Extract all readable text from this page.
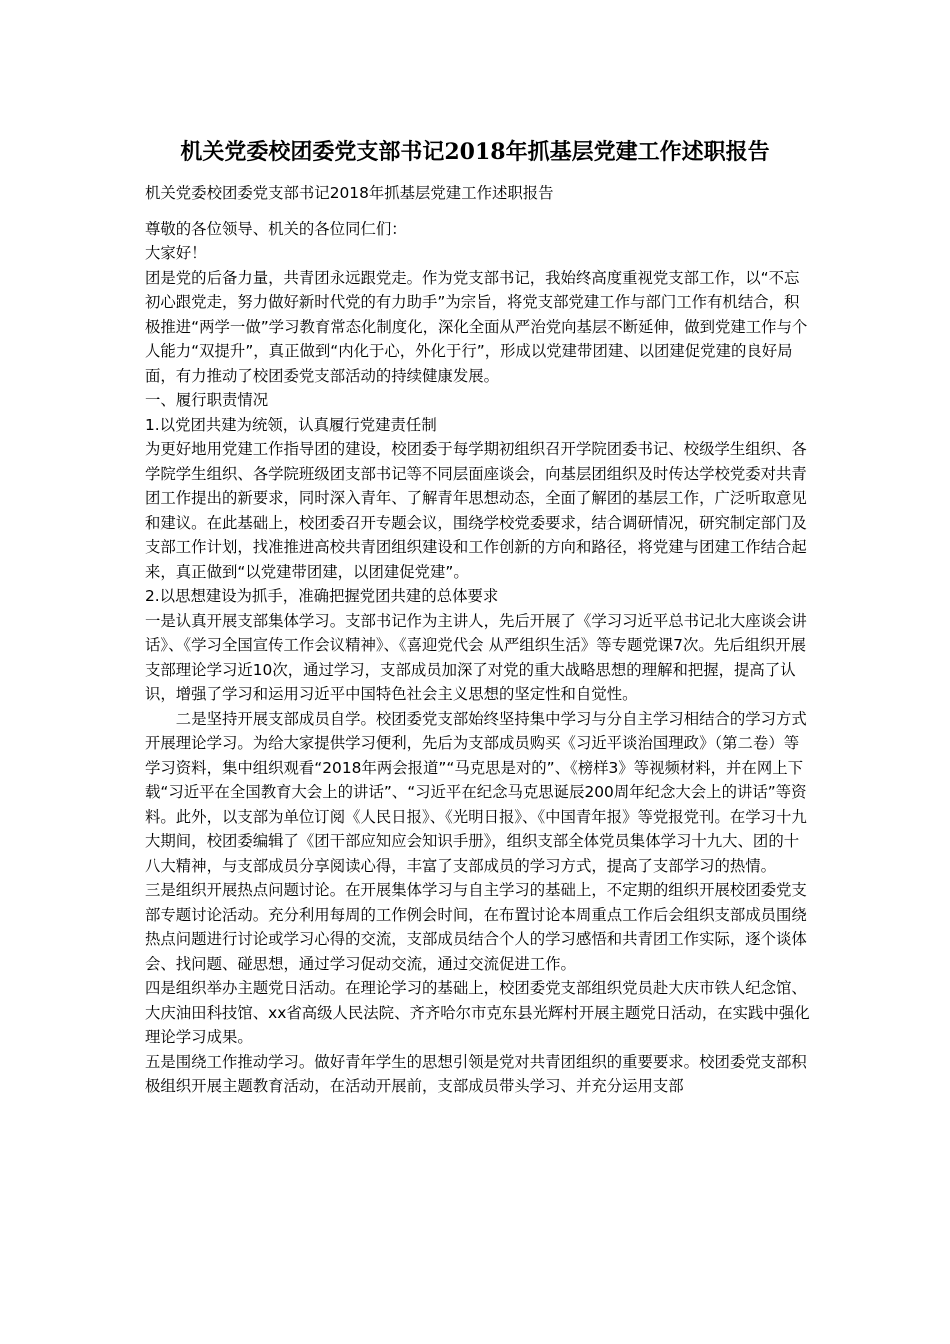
机关党委校团委党支部书记2018年抓基层党建工作述职报告

机关党委校团委党支部书记2018年抓基层党建工作述职报告

尊敬的各位领导、机关的各位同仁们：

大家好！

团是党的后备力量，共青团永远跟党走。作为党支部书记，我始终高度重视党支部工作，以“不忘初心跟党走，努力做好新时代党的有力助手”为宗旨，将党支部党建工作与部门工作有机结合，积极推进“两学一做”学习教育常态化制度化，深化全面从严治党向基层不断延伸，做到党建工作与个人能力“双提升”，真正做到“内化于心，外化于行”，形成以党建带团建、以团建促党建的良好局面，有力推动了校团委党支部活动的持续健康发展。

一、履行职责情况

1.以党团共建为统领，认真履行党建责任制

为更好地用党建工作指导团的建设，校团委于每学期初组织召开学院团委书记、校级学生组织、各学院学生组织、各学院班级团支部书记等不同层面座谈会，向基层团组织及时传达学校党委对共青团工作提出的新要求，同时深入青年、了解青年思想动态，全面了解团的基层工作，广泛听取意见和建议。在此基础上，校团委召开专题会议，围绕学校党委要求，结合调研情况，研究制定部门及支部工作计划，找准推进高校共青团组织建设和工作创新的方向和路径，将党建与团建工作结合起来，真正做到“以党建带团建，以团建促党建”。

2.以思想建设为抓手，准确把握党团共建的总体要求

一是认真开展支部集体学习。支部书记作为主讲人，先后开展了《学习习近平总书记北大座谈会讲话》、《学习全国宣传工作会议精神》、《喜迎党代会 从严组织生活》等专题党课7次。先后组织开展支部理论学习近10次，通过学习，支部成员加深了对党的重大战略思想的理解和把握，提高了认识，增强了学习和运用习近平中国特色社会主义思想的坚定性和自觉性。

二是坚持开展支部成员自学。校团委党支部始终坚持集中学习与分自主学习相结合的学习方式开展理论学习。为给大家提供学习便利，先后为支部成员购买《习近平谈治国理政》（第二卷）等学习资料，集中组织观看“2018年两会报道”“马克思是对的”、《榜样3》等视频材料，并在网上下载“习近平在全国教育大会上的讲话”、“习近平在纪念马克思诞辰200周年纪念大会上的讲话”等资料。此外，以支部为单位订阅《人民日报》、《光明日报》、《中国青年报》等党报党刊。在学习十九大期间，校团委编辑了《团干部应知应会知识手册》，组织支部全体党员集体学习十九大、团的十八大精神，与支部成员分享阅读心得，丰富了支部成员的学习方式，提高了支部学习的热情。

三是组织开展热点问题讨论。在开展集体学习与自主学习的基础上，不定期的组织开展校团委党支部专题讨论活动。充分利用每周的工作例会时间，在布置讨论本周重点工作后会组织支部成员围绕热点问题进行讨论或学习心得的交流，支部成员结合个人的学习感悟和共青团工作实际，逐个谈体会、找问题、碰思想，通过学习促动交流，通过交流促进工作。

四是组织举办主题党日活动。在理论学习的基础上，校团委党支部组织党员赴大庆市铁人纪念馆、大庆油田科技馆、xx省高级人民法院、齐齐哈尔市克东县光辉村开展主题党日活动，在实践中强化理论学习成果。

五是围绕工作推动学习。做好青年学生的思想引领是党对共青团组织的重要要求。校团委党支部积极组织开展主题教育活动，在活动开展前，支部成员带头学习、并充分运用支部
